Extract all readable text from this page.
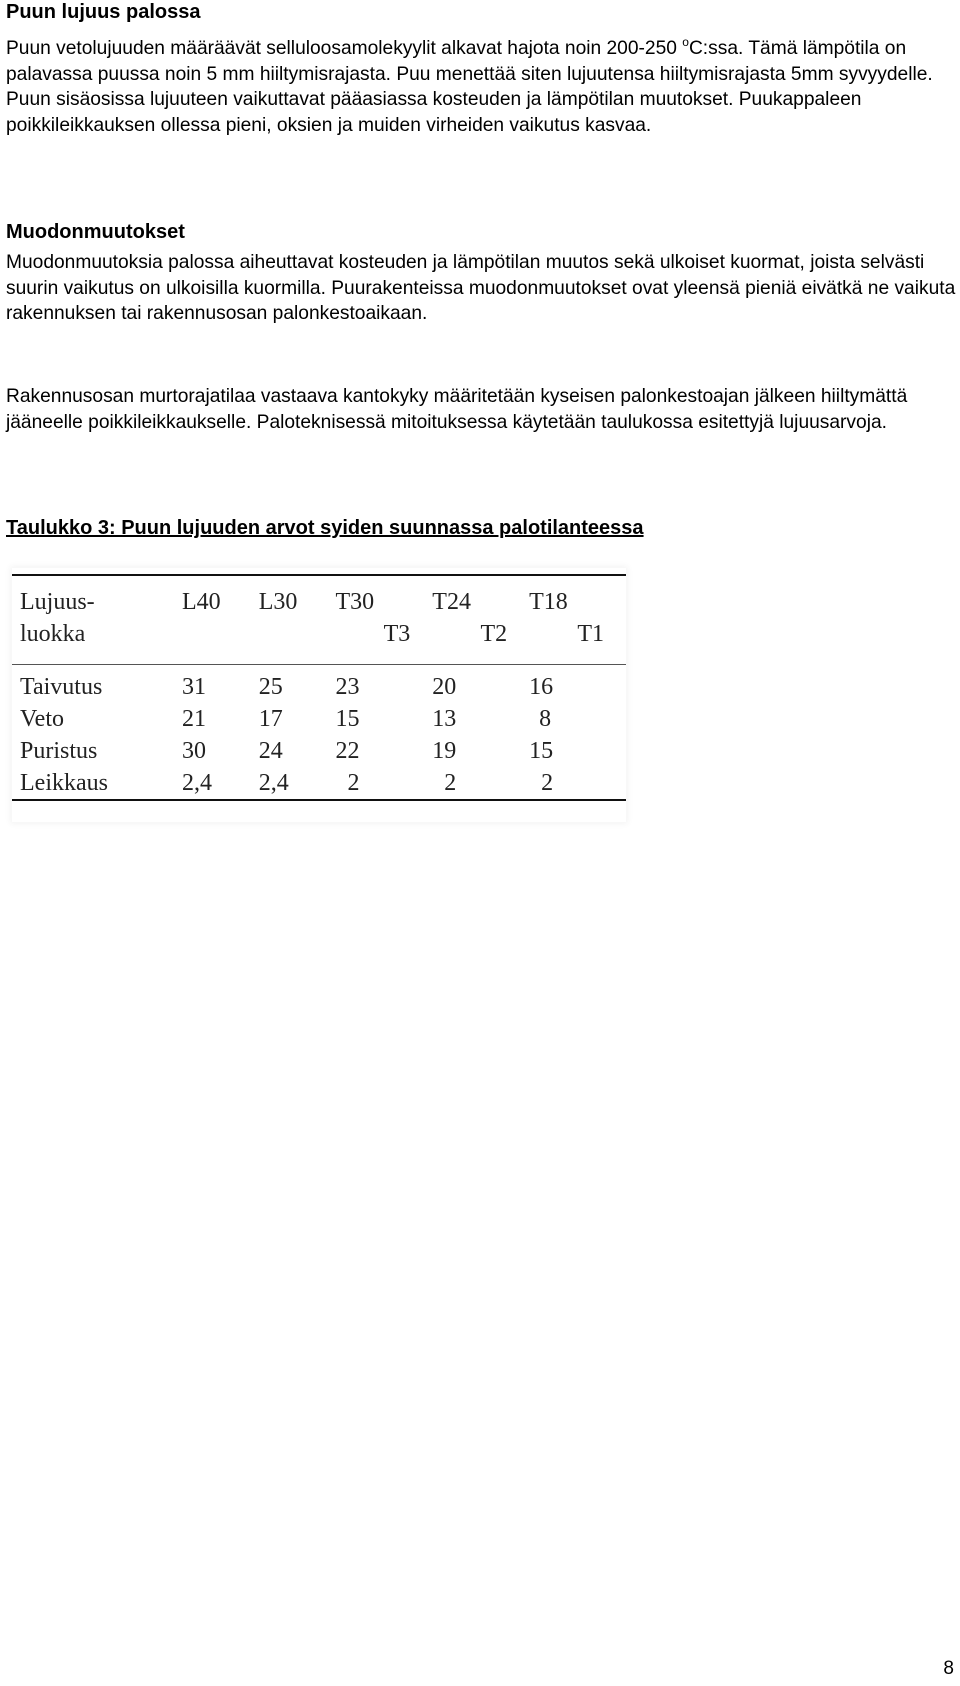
Puun lujuus palossa

Puun vetolujuuden määräävät selluloosamolekyylit alkavat hajota noin 200-250 $^o$C:ssa. Tämä lämpötila on palavassa puussa noin 5 mm hiiltymisrajasta. Puu menettää siten lujuutensa hiiltymisrajasta 5mm syvyydelle. Puun sisäosissa lujuuteen vaikuttavat pääasiassa kosteuden ja lämpötilan muutokset. Puukappaleen poikkileikkauksen ollessa pieni, oksien ja muiden virheiden vaikutus kasvaa.

Muodonmuutokset

Muodonmuutoksia palossa aiheuttavat kosteuden ja lämpötilan muutos sekä ulkoiset kuormat, joista selvästi suurin vaikutus on ulkoisilla kuormilla. Puurakenteissa muodonmuutokset ovat yleensä pieniä eivätkä ne vaikuta rakennuksen tai rakennusosan palonkestoaikaan.

Rakennusosan murtorajatilaa vastaava kantokyky määritetään kyseisen palonkestoajan jälkeen hiiltymättä jääneelle poikkileikkaukselle. Paloteknisessä mitoituksessa käytetään taulukossa esitettyjä lujuusarvoja.

Taulukko 3: Puun lujuuden arvot syiden suunnassa palotilanteessa
Lujuus-	L40	L30	T30	T24	T18
luokka			T3	T2	T1
Taivutus	31	25	23	20	16
Veto	21	17	15	13	8
Puristus	30	24	22	19	15
Leikkaus	2,4	2,4	2	2	2
8
